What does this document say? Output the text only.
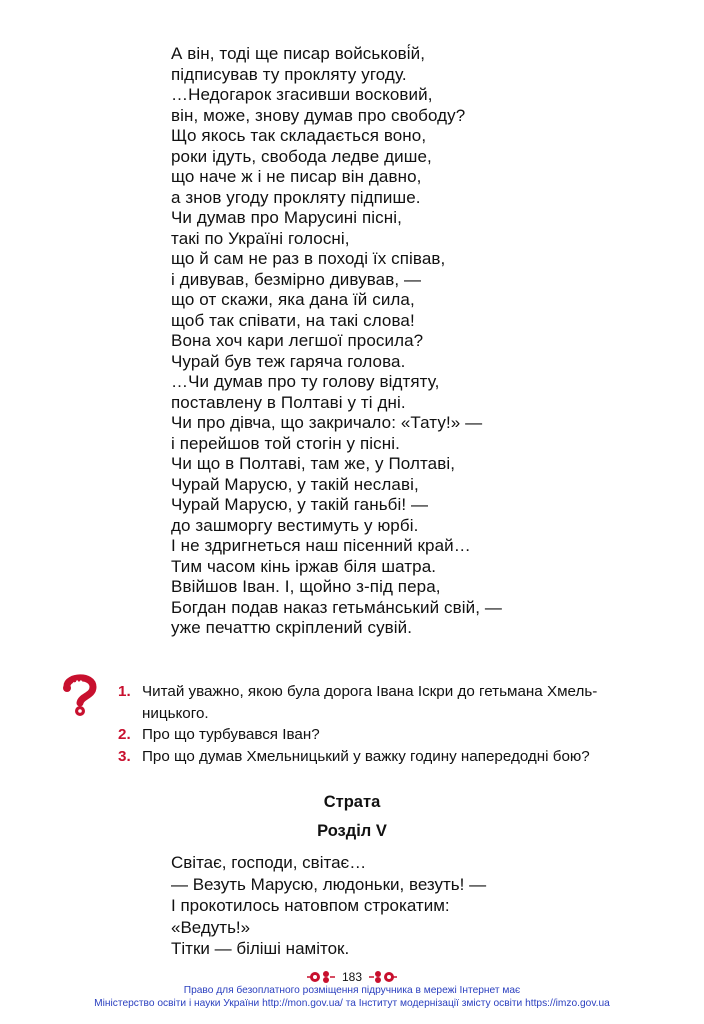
А він, тоді ще писар войськові́й,
підписував ту прокляту угоду.
…Недогарок згасивши восковий,
він, може, знову думав про свободу?
Що якось так складається воно,
роки ідуть, свобода ледве дише,
що наче ж і не писар він давно,
а знов угоду прокляту підпише.
Чи думав про Марусині пісні,
такі по Україні голосні,
що й сам не раз в поході їх співав,
і дивував, безмірно дивував, —
що от скажи, яка дана їй сила,
щоб так співати, на такі слова!
Вона хоч кари легшої просила?
Чурай був теж гаряча голова.
…Чи думав про ту голову відтяту,
поставлену в Полтаві у ті дні.
Чи про дівча, що закричало: «Тату!» —
і перейшов той стогін у пісні.
Чи що в Полтаві, там же, у Полтаві,
Чурай Марусю, у такій неславі,
Чурай Марусю, у такій ганьбі! —
до зашморгу вестимуть у юрбі.
І не здригнеться наш пісенний край…
Тим часом кінь іржав біля шатра.
Ввійшов Іван. І, щойно з-під пера,
Богдан подав наказ гетьма́нський свій, —
уже печаттю скріплений сувій.
1. Читай уважно, якою була дорога Івана Іскри до гетьмана Хмельницького.
2. Про що турбувався Іван?
3. Про що думав Хмельницький у важку годину напередодні бою?
Страта
Розділ V
Світає, господи, світає…
— Везуть Марусю, людоньки, везуть! —
І прокотилось натовпом строкатим:
«Ведуть!»
Тітки — біліші наміток.
183
Право для безоплатного розміщення підручника в мережі Інтернет має
Міністерство освіти і науки України http://mon.gov.ua/ та Інститут модернізації змісту освіти https://imzo.gov.ua
